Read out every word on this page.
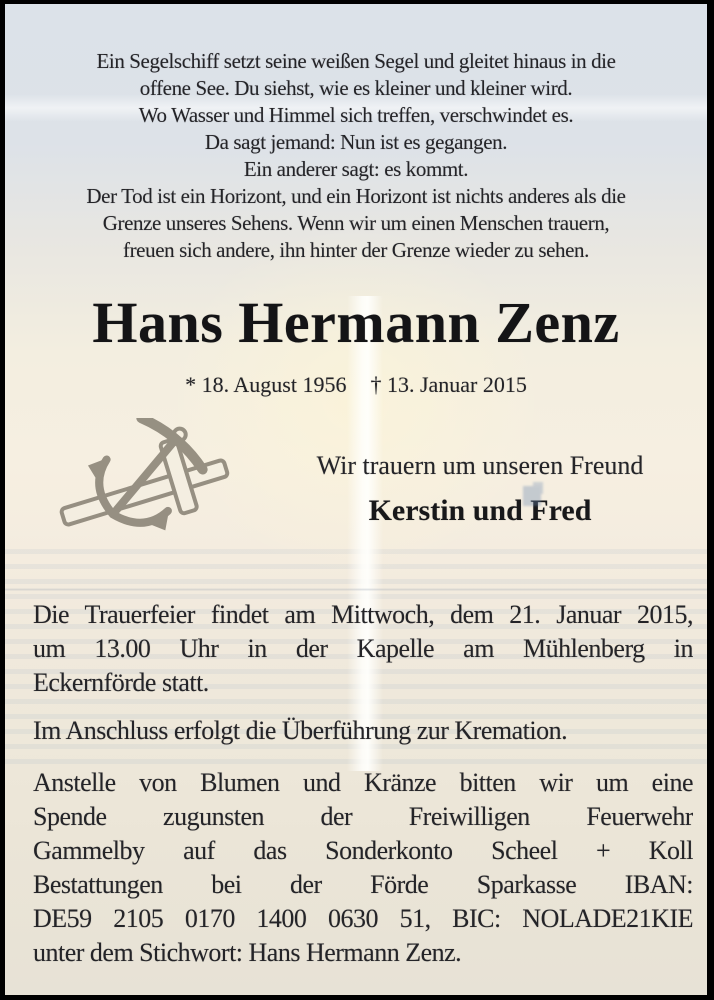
Ein Segelschiff setzt seine weißen Segel und gleitet hinaus in die
offene See. Du siehst, wie es kleiner und kleiner wird.
Wo Wasser und Himmel sich treffen, verschwindet es.
Da sagt jemand: Nun ist es gegangen.
Ein anderer sagt: es kommt.
Der Tod ist ein Horizont, und ein Horizont ist nichts anderes als die
Grenze unseres Sehens. Wenn wir um einen Menschen trauern,
freuen sich andere, ihn hinter der Grenze wieder zu sehen.
Hans Hermann Zenz
* 18. August 1956 † 13. Januar 2015
Wir trauern um unseren Freund
Kerstin und Fred
Die Trauerfeier findet am Mittwoch, dem 21. Januar 2015,
um 13.00 Uhr in der Kapelle am Mühlenberg in
Eckernförde statt.
Im Anschluss erfolgt die Überführung zur Kremation.
Anstelle von Blumen und Kränze bitten wir um eine
Spende zugunsten der Freiwilligen Feuerwehr
Gammelby auf das Sonderkonto Scheel + Koll
Bestattungen bei der Förde Sparkasse IBAN:
DE59 2105 0170 1400 0630 51, BIC: NOLADE21KIE
unter dem Stichwort: Hans Hermann Zenz.
